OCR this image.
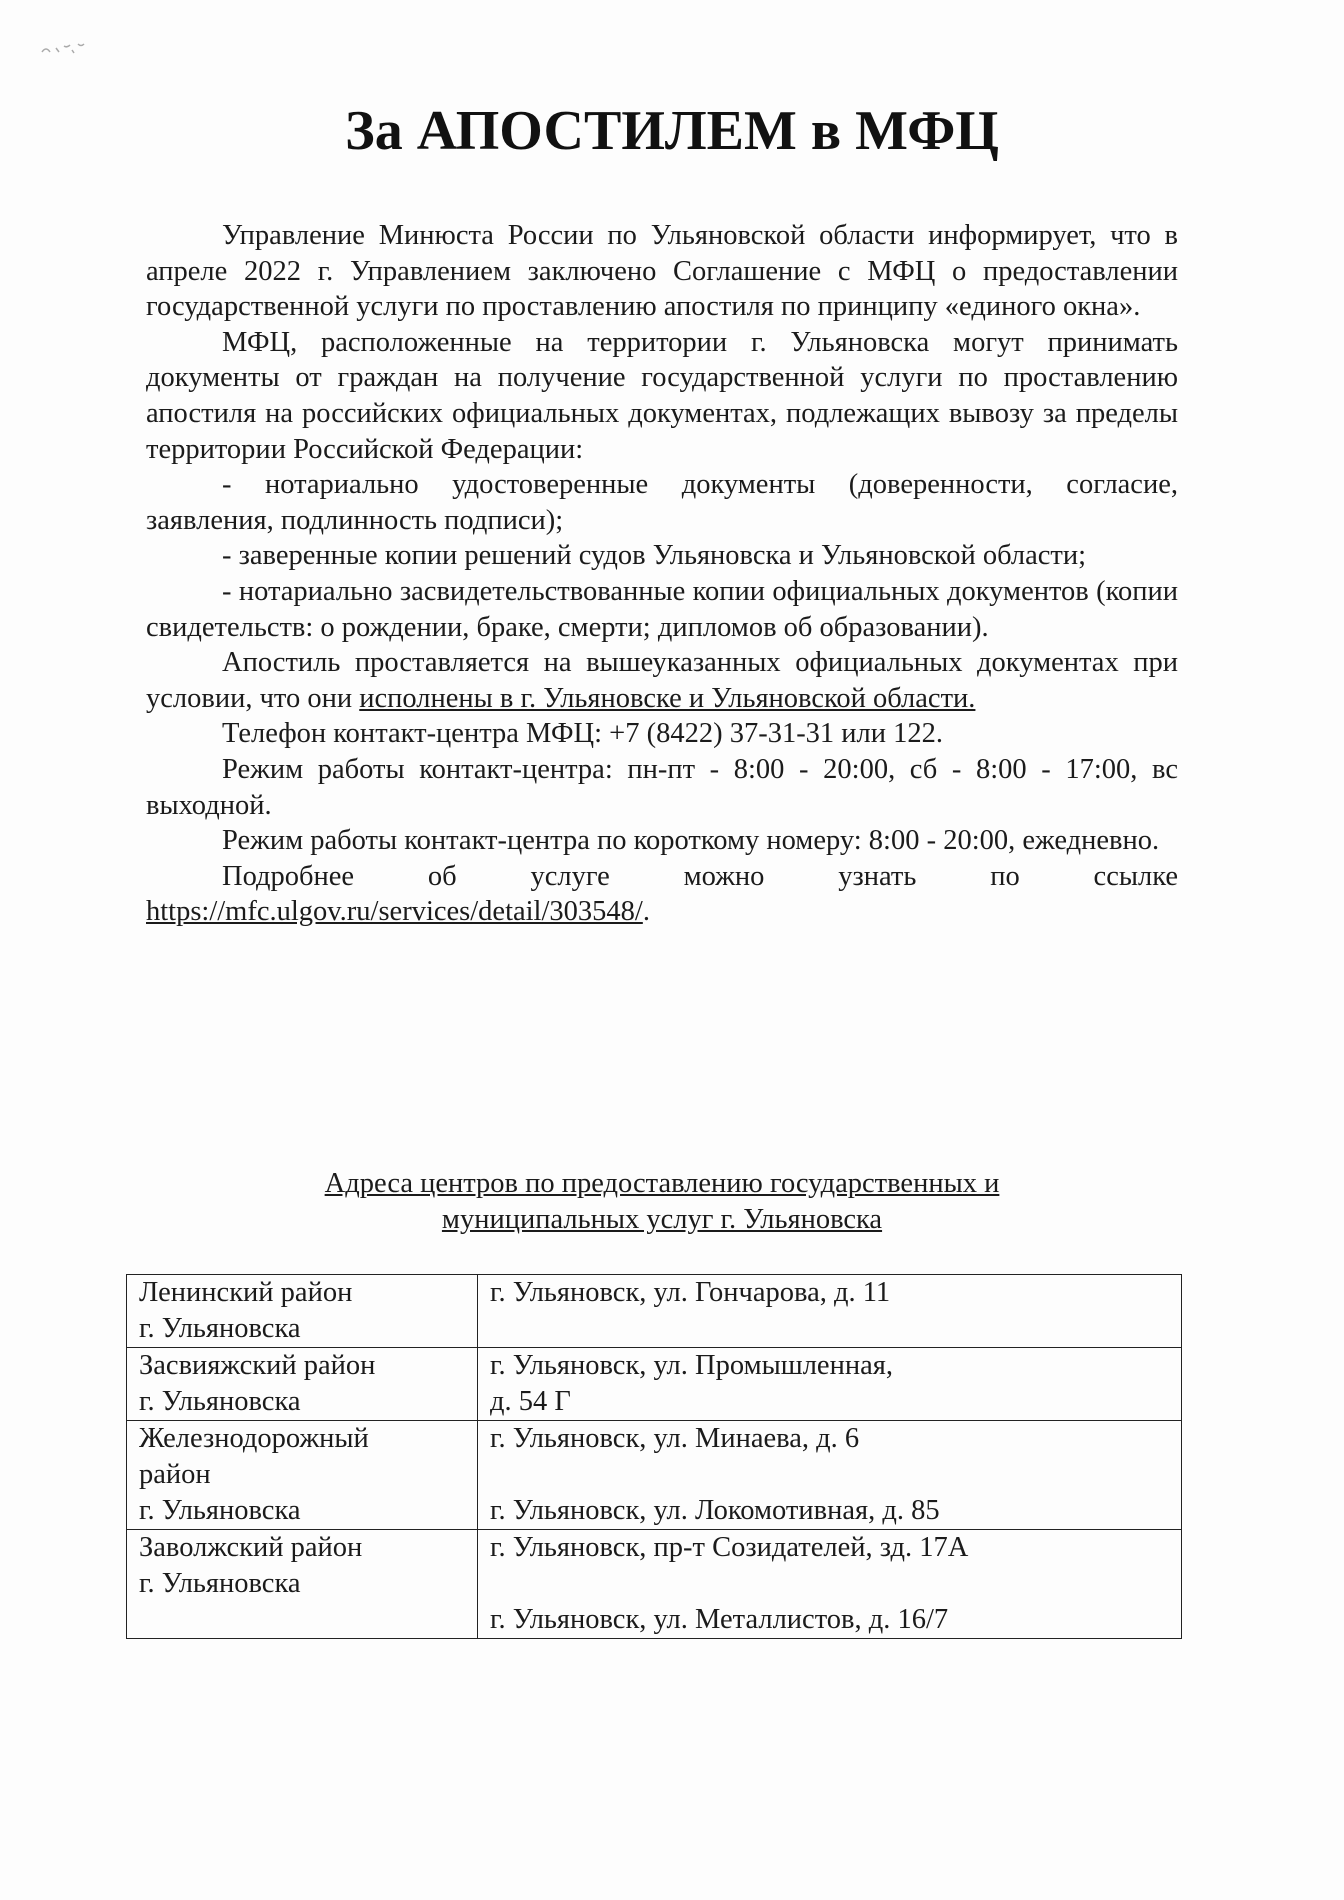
За АПОСТИЛЕМ в МФЦ

Управление Минюста России по Ульяновской области информирует, что в апреле 2022 г. Управлением заключено Соглашение с МФЦ о предоставлении государственной услуги по проставлению апостиля по принципу «единого окна».

МФЦ, расположенные на территории г. Ульяновска могут принимать документы от граждан на получение государственной услуги по проставлению апостиля на российских официальных документах, подлежащих вывозу за пределы территории Российской Федерации:

- нотариально удостоверенные документы (доверенности, согласие, заявления, подлинность подписи);

- заверенные копии решений судов Ульяновска и Ульяновской области;

- нотариально засвидетельствованные копии официальных документов (копии свидетельств: о рождении, браке, смерти; дипломов об образовании).

Апостиль проставляется на вышеуказанных официальных документах при условии, что они исполнены в г. Ульяновске и Ульяновской области.

Телефон контакт-центра МФЦ: +7 (8422) 37-31-31 или 122.

Режим работы контакт-центра: пн-пт - 8:00 - 20:00, сб - 8:00 - 17:00, вс выходной.

Режим работы контакт-центра по короткому номеру: 8:00 - 20:00, ежедневно.

Подробнее об услуге можно узнать по ссылке https://mfc.ulgov.ru/services/detail/303548/.

Адреса центров по предоставлению государственных и
муниципальных услуг г. Ульяновска
Ленинский район
г. Ульяновска	г. Ульяновск, ул. Гончарова, д. 11

Засвияжский район
г. Ульяновска	г. Ульяновск, ул. Промышленная,
д. 54 Г

Железнодорожный
район
г. Ульяновска	г. Ульяновск, ул. Минаева, д. 6
г. Ульяновск, ул. Локомотивная, д. 85

Заволжский район
г. Ульяновска	г. Ульяновск, пр-т Созидателей, зд. 17А
г. Ульяновск, ул. Металлистов, д. 16/7
